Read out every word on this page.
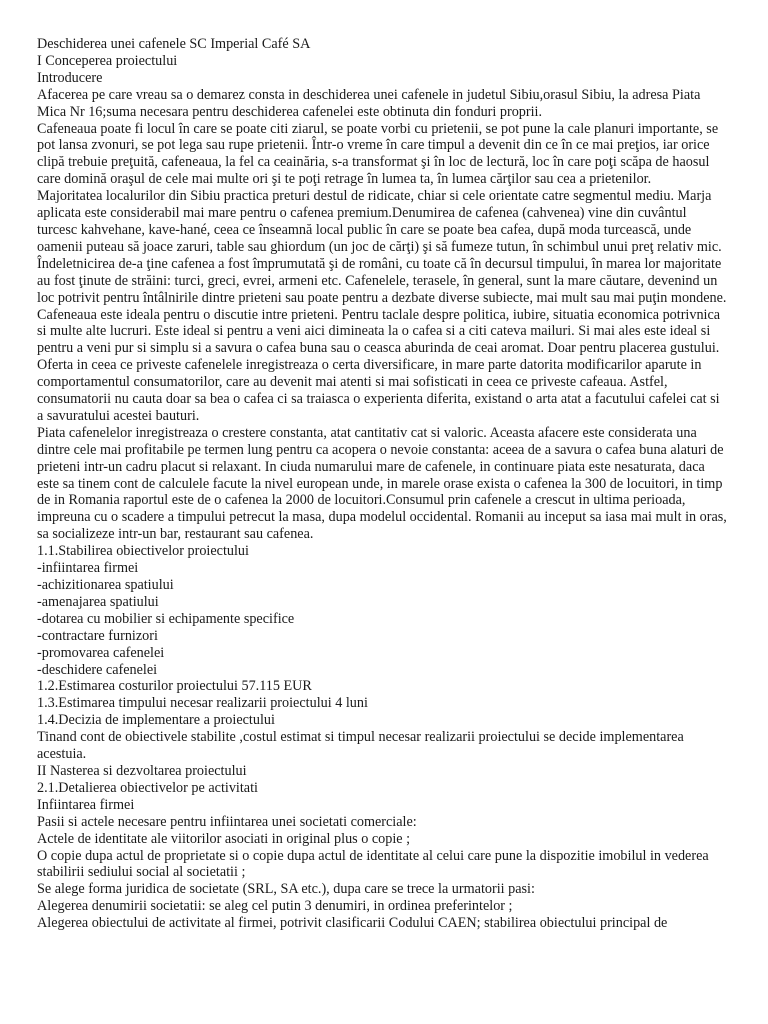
Deschiderea unei cafenele SC Imperial Café SA

I Conceperea proiectului

Introducere

Afacerea pe care vreau sa o demarez consta in deschiderea unei cafenele in judetul Sibiu,orasul Sibiu, la adresa Piata Mica Nr 16;suma necesara pentru deschiderea cafenelei este obtinuta din fonduri proprii.

Cafeneaua poate fi locul în care se poate citi ziarul, se poate vorbi cu prietenii, se pot pune la cale planuri importante, se pot lansa zvonuri, se pot lega sau rupe prietenii. Într-o vreme în care timpul a devenit din ce în ce mai preţios, iar orice clipă trebuie preţuită, cafeneaua, la fel ca ceainăria, s-a transformat şi în loc de lectură, loc în care poţi scăpa de haosul care domină oraşul de cele mai multe ori şi te poţi retrage în lumea ta, în lumea cărţilor sau cea a prietenilor.

Majoritatea localurilor din Sibiu practica preturi destul de ridicate, chiar si cele orientate catre segmentul mediu. Marja aplicata este considerabil mai mare pentru o cafenea premium.Denumirea de cafenea (cahvenea) vine din cuvântul turcesc kahvehane, kave-hané, ceea ce înseamnă local public în care se poate bea cafea, după moda turcească, unde oamenii puteau să joace zaruri, table sau ghiordum (un joc de cărţi) şi să fumeze tutun, în schimbul unui preţ relativ mic. Îndeletnicirea de-a ţine cafenea a fost împrumutată şi de români, cu toate că în decursul timpului, în marea lor majoritate au fost ţinute de străini: turci, greci, evrei, armeni etc. Cafenelele, terasele, în general, sunt la mare căutare, devenind un loc potrivit pentru întâlnirile dintre prieteni sau poate pentru a dezbate diverse subiecte, mai mult sau mai puţin mondene.

Cafeneaua este ideala pentru o discutie intre prieteni. Pentru taclale despre politica, iubire, situatia economica potrivnica si multe alte lucruri. Este ideal si pentru a veni aici dimineata la o cafea si a citi cateva mailuri. Si mai ales este ideal si pentru a veni pur si simplu si a savura o cafea buna sau o ceasca aburinda de ceai aromat. Doar pentru placerea gustului.

Oferta in ceea ce priveste cafenelele inregistreaza o certa diversificare, in mare parte datorita modificarilor aparute in comportamentul consumatorilor, care au devenit mai atenti si mai sofisticati in ceea ce priveste cafeaua. Astfel, consumatorii nu cauta doar sa bea o cafea ci sa traiasca o experienta diferita, existand o arta atat a facutului cafelei cat si a savuratului acestei bauturi.

Piata cafenelelor inregistreaza o crestere constanta, atat cantitativ cat si valoric. Aceasta afacere este considerata una dintre cele mai profitabile pe termen lung pentru ca acopera o nevoie constanta: aceea de a savura o cafea buna alaturi de prieteni intr-un cadru placut si relaxant. In ciuda numarului mare de cafenele, in continuare piata este nesaturata, daca este sa tinem cont de calculele facute la nivel european unde, in marele orase exista o cafenea la 300 de locuitori, in timp de in Romania raportul este de o cafenea la 2000 de locuitori.Consumul prin cafenele a crescut in ultima perioada, impreuna cu o scadere a timpului petrecut la masa, dupa modelul occidental. Romanii au inceput sa iasa mai mult in oras, sa socializeze intr-un bar, restaurant sau cafenea.

1.1.Stabilirea obiectivelor proiectului

-infiintarea firmei

-achizitionarea spatiului

-amenajarea spatiului

-dotarea cu mobilier si echipamente specifice

-contractare furnizori

-promovarea cafenelei

-deschidere cafenelei

1.2.Estimarea costurilor proiectului 57.115 EUR

1.3.Estimarea timpului necesar realizarii proiectului 4 luni

1.4.Decizia de implementare a proiectului

Tinand cont de obiectivele stabilite ,costul estimat si timpul necesar realizarii proiectului se decide implementarea acestuia.

II Nasterea si dezvoltarea proiectului

2.1.Detalierea obiectivelor pe activitati

Infiintarea firmei

Pasii si actele necesare pentru infiintarea unei societati comerciale:

Actele de identitate ale viitorilor asociati in original plus o copie ;

O copie dupa actul de proprietate si o copie dupa actul de identitate al celui care pune la dispozitie imobilul in vederea stabilirii sediului social al societatii ;

Se alege forma juridica de societate (SRL, SA etc.), dupa care se trece la urmatorii pasi:

Alegerea denumirii societatii: se aleg cel putin 3 denumiri, in ordinea preferintelor ;

Alegerea obiectului de activitate al firmei, potrivit clasificarii Codului CAEN; stabilirea obiectului principal de
